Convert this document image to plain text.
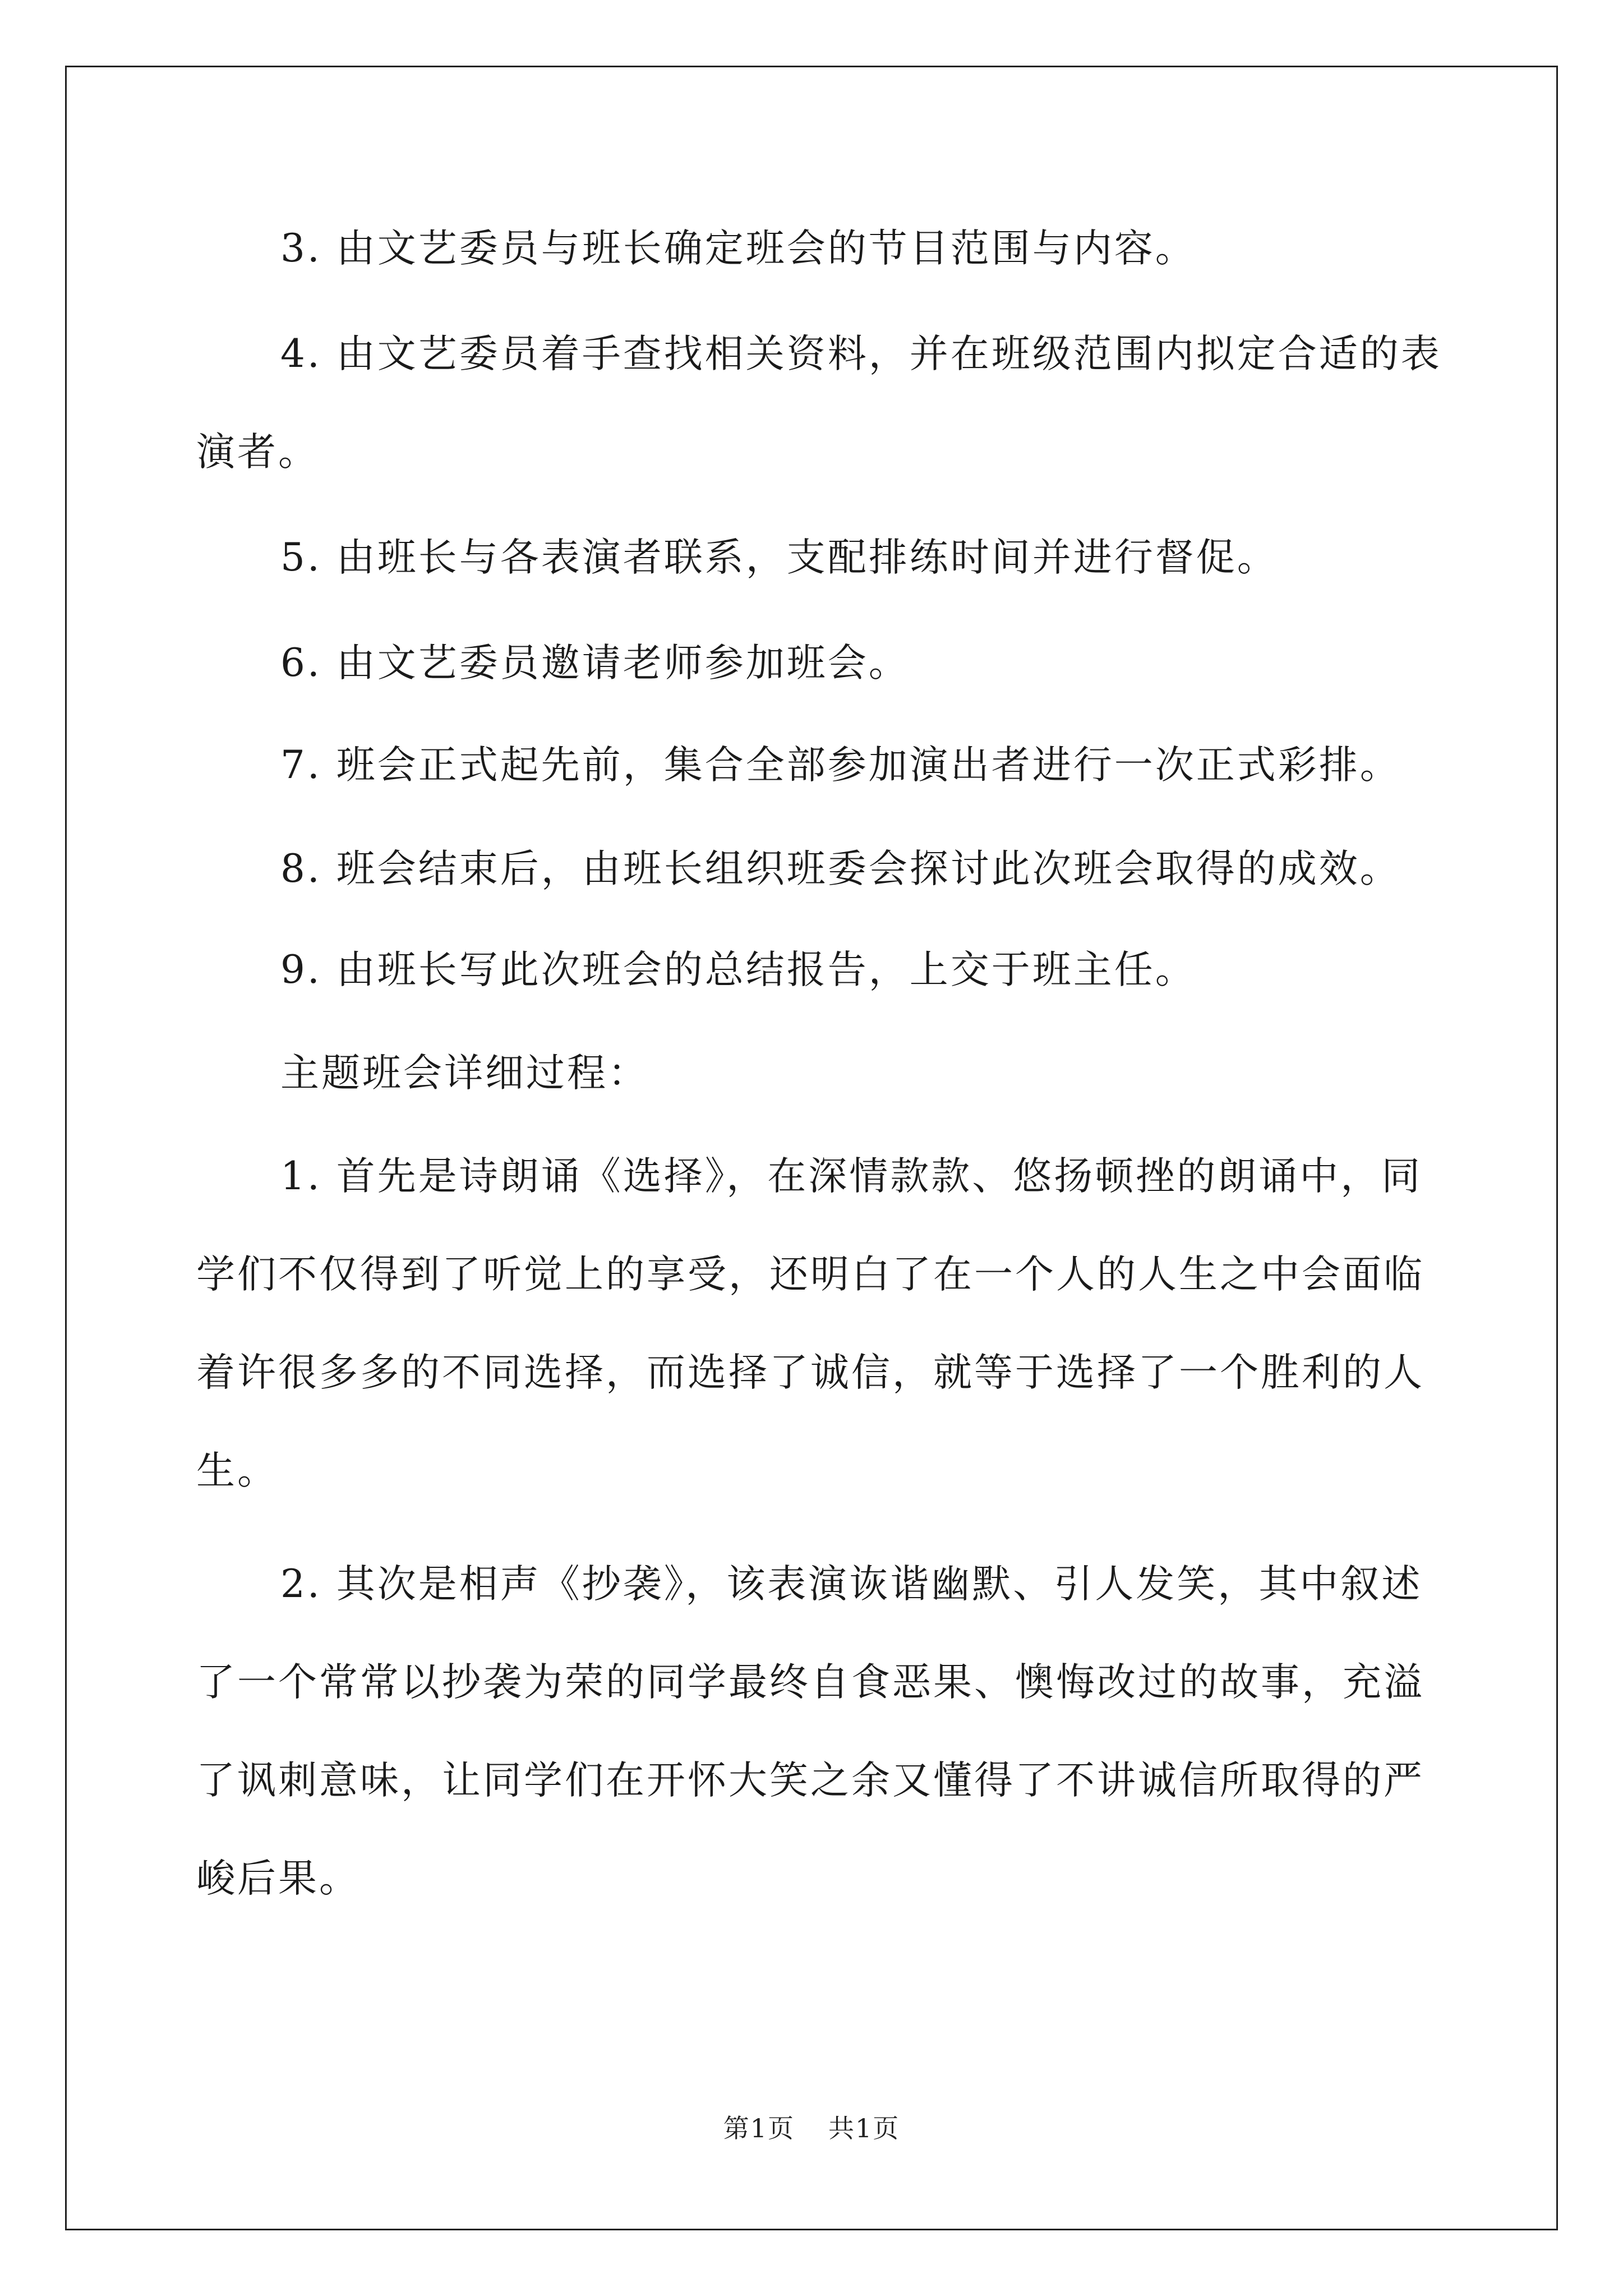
3. 由文艺委员与班长确定班会的节目范围与内容。

4. 由文艺委员着手查找相关资料，并在班级范围内拟定合适的表
演者。

5. 由班长与各表演者联系，支配排练时间并进行督促。

6. 由文艺委员邀请老师参加班会。

7. 班会正式起先前，集合全部参加演出者进行一次正式彩排。

8. 班会结束后，由班长组织班委会探讨此次班会取得的成效。

9. 由班长写此次班会的总结报告，上交于班主任。

主题班会详细过程：

1. 首先是诗朗诵《选择》，在深情款款、悠扬顿挫的朗诵中，同
学们不仅得到了听觉上的享受，还明白了在一个人的人生之中会面临
着许很多多的不同选择，而选择了诚信，就等于选择了一个胜利的人
生。

2. 其次是相声《抄袭》，该表演诙谐幽默、引人发笑，其中叙述
了一个常常以抄袭为荣的同学最终自食恶果、懊悔改过的故事，充溢
了讽刺意味，让同学们在开怀大笑之余又懂得了不讲诚信所取得的严
峻后果。

第1页 共1页
